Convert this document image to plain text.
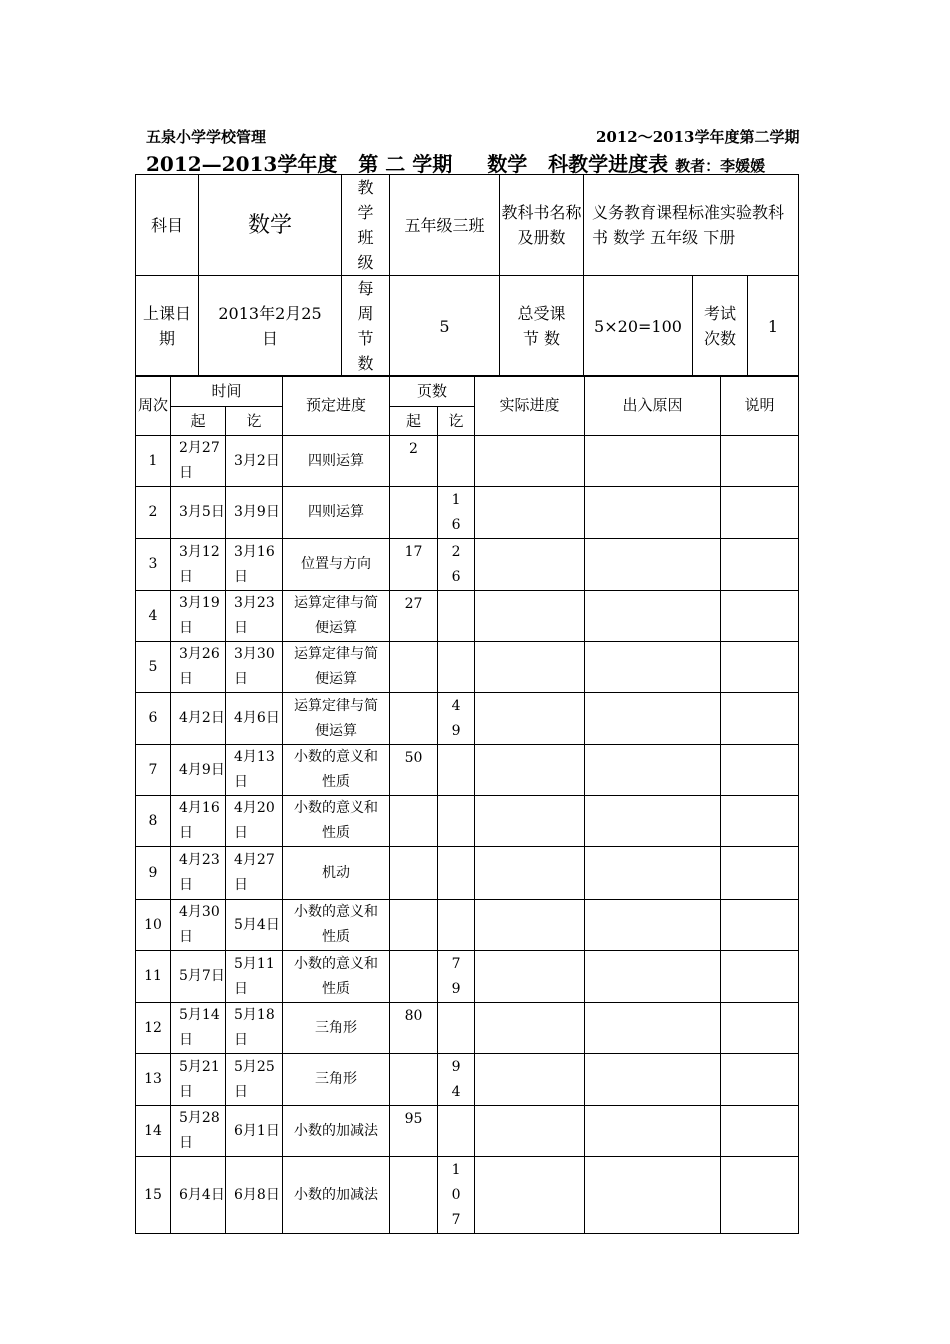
五泉小学学校管理	2012～2013学年度第二学期
2012—2013学年度 第 二 学期 数学 科教学进度表 教者：李媛媛
科目	数学	教学班级	五年级三班	教科书名称及册数	义务教育课程标准实验教科书 数学 五年级 下册		
上课日期	2013年2月25日	每周节数	5	总受课节 数	5×20=100	考试次数	1
周次	时间		预定进度	页数		实际进度	出入原因	说明
	起	讫		起	讫			
1	2月27日	3月2日	四则运算	2				
2	3月5日	3月9日	四则运算		16			
3	3月12日	3月16日	位置与方向	17	26			
4	3月19日	3月23日	运算定律与简便运算	27				
5	3月26日	3月30日	运算定律与简便运算					
6	4月2日	4月6日	运算定律与简便运算		49			
7	4月9日	4月13日	小数的意义和性质	50				
8	4月16日	4月20日	小数的意义和性质					
9	4月23日	4月27日	机动					
10	4月30日	5月4日	小数的意义和性质					
11	5月7日	5月11日	小数的意义和性质		79			
12	5月14日	5月18日	三角形	80				
13	5月21日	5月25日	三角形		94			
14	5月28日	6月1日	小数的加减法	95				
15	6月4日	6月8日	小数的加减法		107			
